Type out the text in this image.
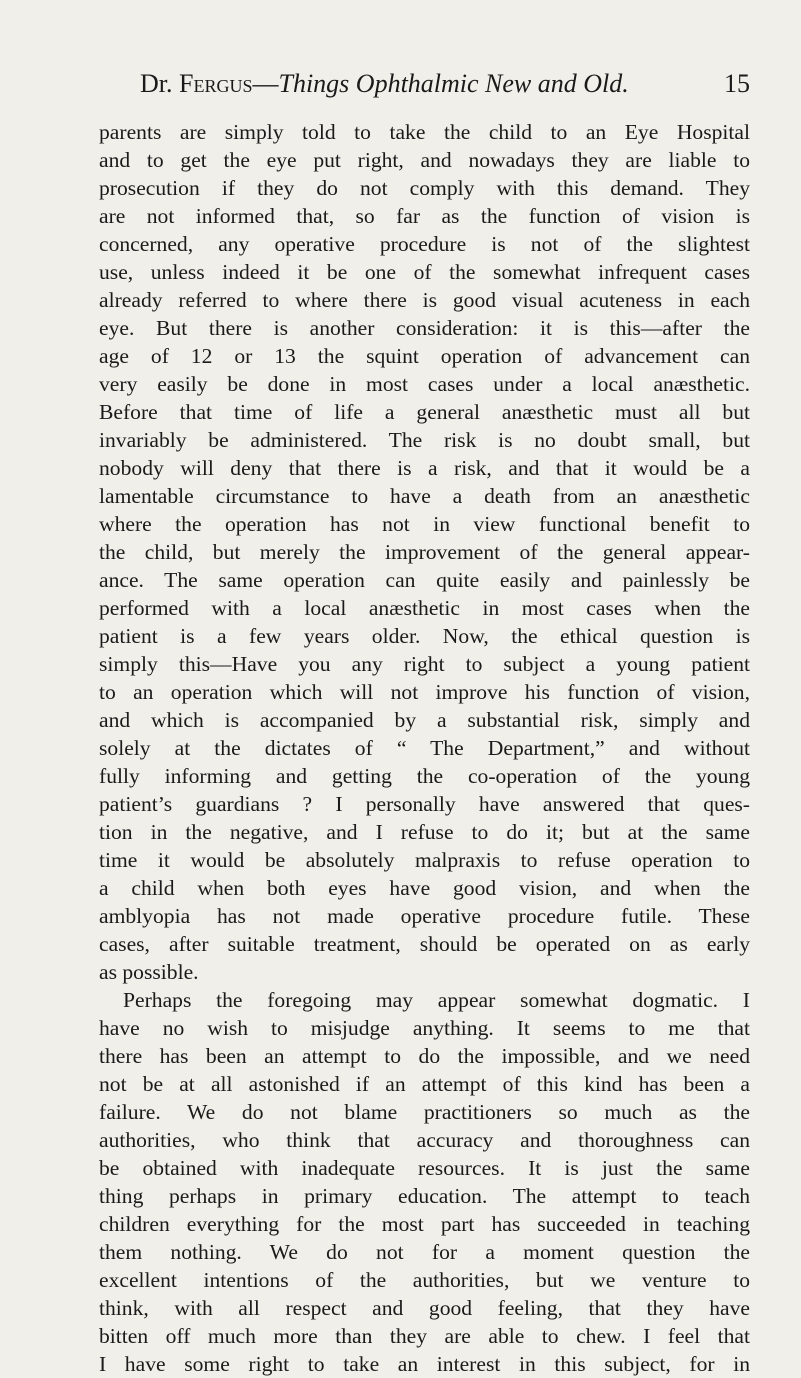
Dr. Fergus—Things Ophthalmic New and Old.	15
parents are simply told to take the child to an Eye Hospital
and to get the eye put right, and nowadays they are liable to
prosecution if they do not comply with this demand. They
are not informed that, so far as the function of vision is
concerned, any operative procedure is not of the slightest
use, unless indeed it be one of the somewhat infrequent cases
already referred to where there is good visual acuteness in each
eye. But there is another consideration: it is this—after the
age of 12 or 13 the squint operation of advancement can
very easily be done in most cases under a local anæsthetic.
Before that time of life a general anæsthetic must all but
invariably be administered. The risk is no doubt small, but
nobody will deny that there is a risk, and that it would be a
lamentable circumstance to have a death from an anæsthetic
where the operation has not in view functional benefit to
the child, but merely the improvement of the general appear-
ance. The same operation can quite easily and painlessly be
performed with a local anæsthetic in most cases when the
patient is a few years older. Now, the ethical question is
simply this—Have you any right to subject a young patient
to an operation which will not improve his function of vision,
and which is accompanied by a substantial risk, simply and
solely at the dictates of “ The Department,” and without
fully informing and getting the co-operation of the young
patient’s guardians ? I personally have answered that ques-
tion in the negative, and I refuse to do it; but at the same
time it would be absolutely malpraxis to refuse operation to
a child when both eyes have good vision, and when the
amblyopia has not made operative procedure futile. These
cases, after suitable treatment, should be operated on as early
as possible.
Perhaps the foregoing may appear somewhat dogmatic. I
have no wish to misjudge anything. It seems to me that
there has been an attempt to do the impossible, and we need
not be at all astonished if an attempt of this kind has been a
failure. We do not blame practitioners so much as the
authorities, who think that accuracy and thoroughness can
be obtained with inadequate resources. It is just the same
thing perhaps in primary education. The attempt to teach
children everything for the most part has succeeded in teaching
them nothing. We do not for a moment question the
excellent intentions of the authorities, but we venture to
think, with all respect and good feeling, that they have
bitten off much more than they are able to chew. I feel that
I have some right to take an interest in this subject, for in
